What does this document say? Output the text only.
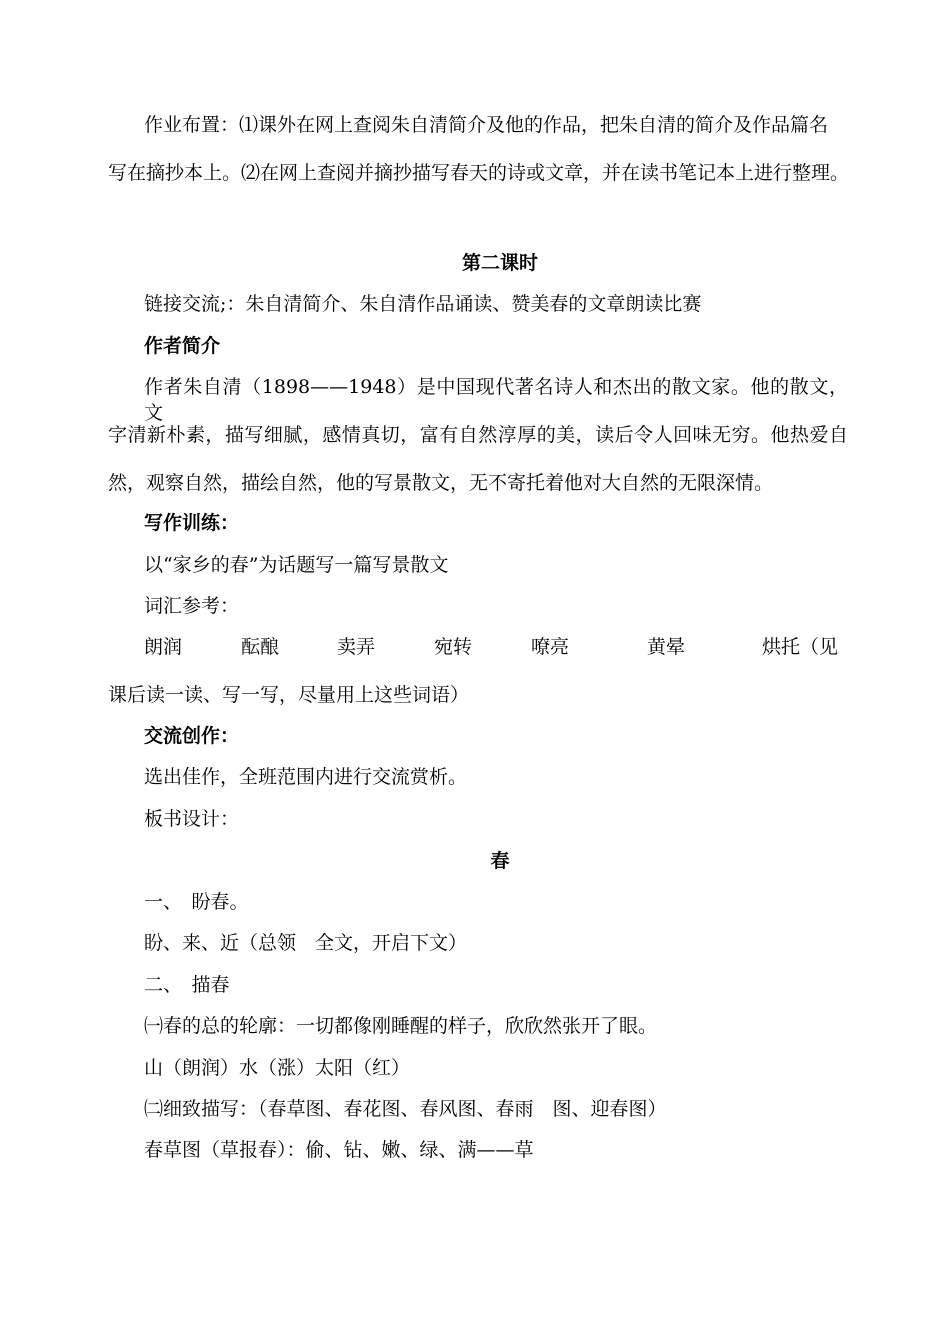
作业布置：⑴课外在网上查阅朱自清简介及他的作品，把朱自清的简介及作品篇名
写在摘抄本上。⑵在网上查阅并摘抄描写春天的诗或文章，并在读书笔记本上进行整理。
第二课时
链接交流;：朱自清简介、朱自清作品诵读、赞美春的文章朗读比赛
作者简介
作者朱自清（1898——1948）是中国现代著名诗人和杰出的散文家。他的散文，文
字清新朴素，描写细腻，感情真切，富有自然淳厚的美，读后令人回味无穷。他热爱自
然，观察自然，描绘自然，他的写景散文，无不寄托着他对大自然的无限深情。
写作训练：
以“家乡的春”为话题写一篇写景散文
词汇参考：
朗润	酝酿	卖弄	宛转	嘹亮	黄晕	烘托（见
课后读一读、写一写，尽量用上这些词语）
交流创作：
选出佳作，全班范围内进行交流赏析。
板书设计：
春
一、　盼春。
盼、来、近（总领　全文，开启下文）
二、　描春
㈠春的总的轮廓：一切都像刚睡醒的样子，欣欣然张开了眼。
山（朗润）水（涨）太阳（红）
㈡细致描写：（春草图、春花图、春风图、春雨　图、迎春图）
春草图（草报春）：偷、钻、嫩、绿、满——草
